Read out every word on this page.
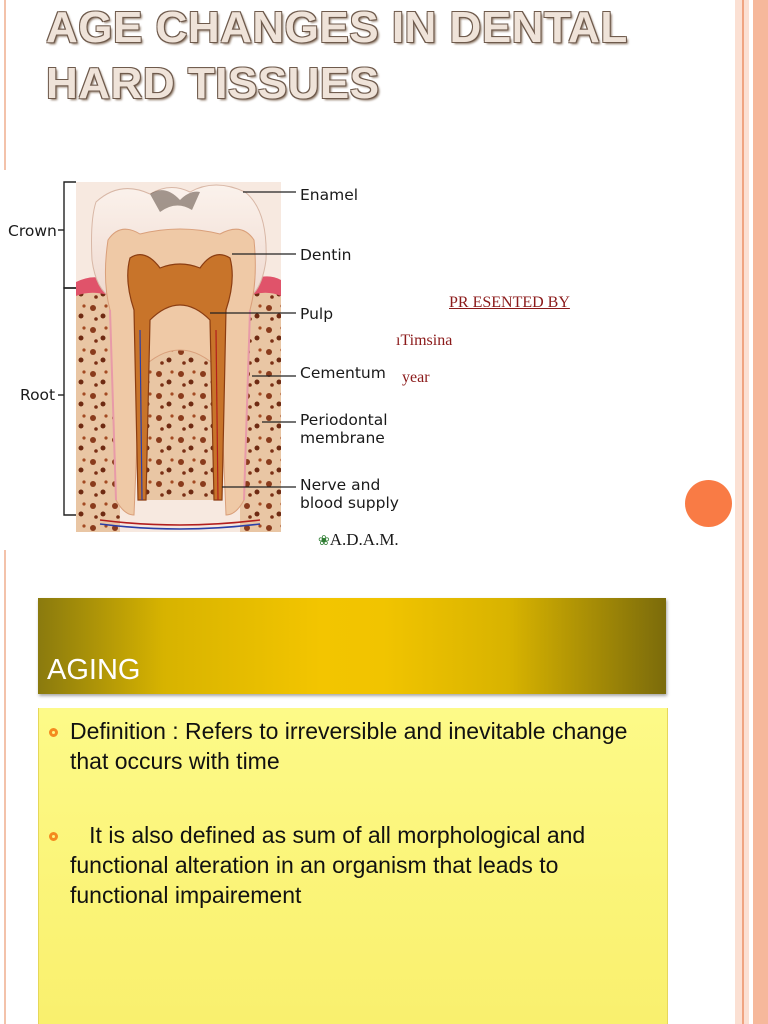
AGE CHANGES IN DENTAL
HARD TISSUES
Crown
Root
Enamel
Dentin
Pulp
Cementum
Periodontal
membrane
Nerve and
blood supply
❀A.D.A.M.
PR ESENTED BY
ıTimsina
year
AGING
Definition : Refers to irreversible and inevitable change that occurs with time
It is also defined as sum of all morphological and functional alteration in an organism that leads to functional impairement
